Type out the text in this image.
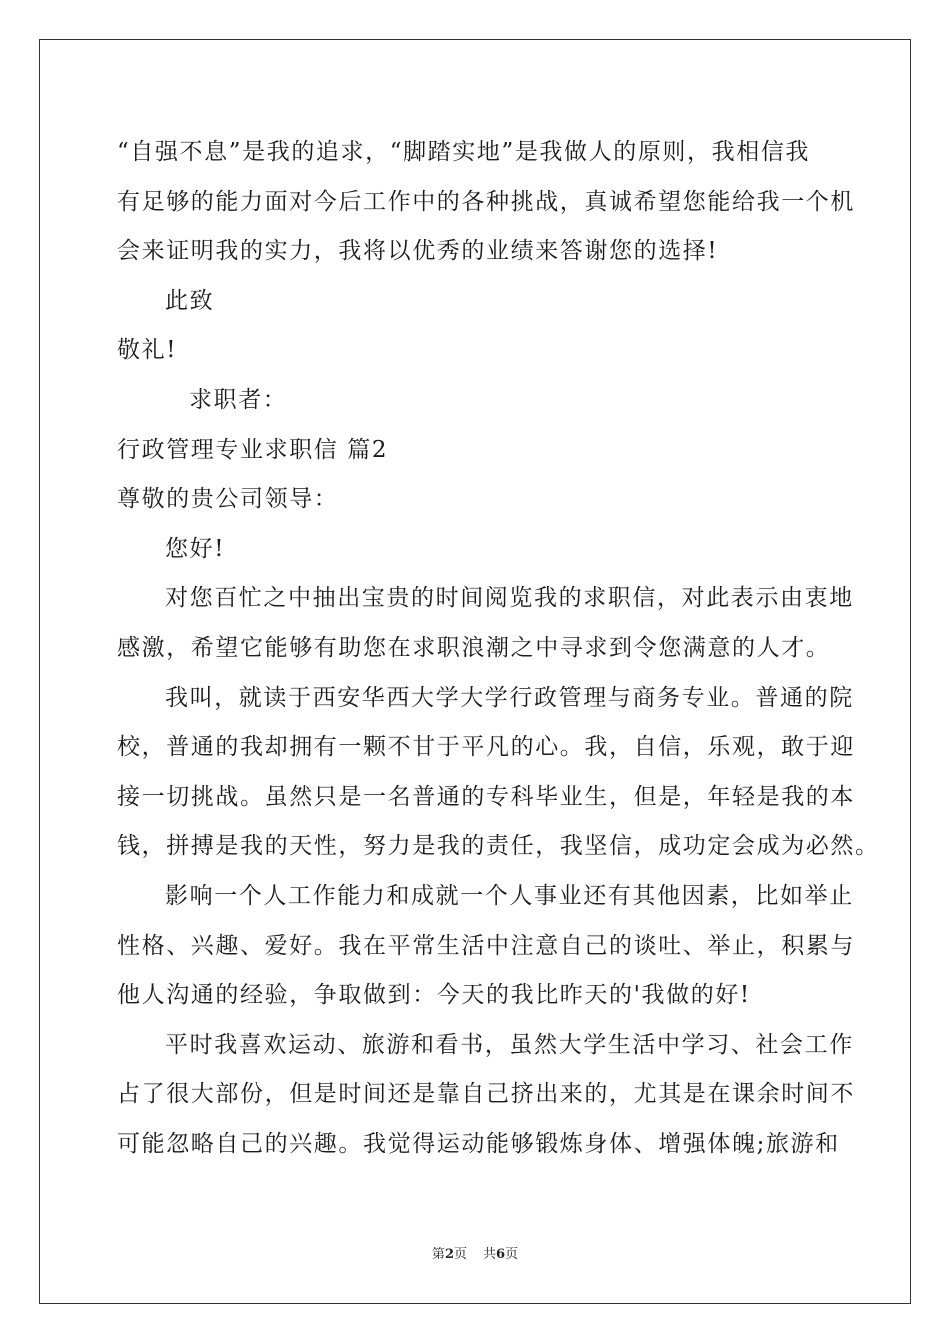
“自强不息”是我的追求，“脚踏实地”是我做人的原则，我相信我
有足够的能力面对今后工作中的各种挑战，真诚希望您能给我一个机
会来证明我的实力，我将以优秀的业绩来答谢您的选择!
此致
敬礼!
求职者：
行政管理专业求职信 篇2
尊敬的贵公司领导：
您好!
对您百忙之中抽出宝贵的时间阅览我的求职信，对此表示由衷地
感激，希望它能够有助您在求职浪潮之中寻求到令您满意的人才。
我叫，就读于西安华西大学大学行政管理与商务专业。普通的院
校，普通的我却拥有一颗不甘于平凡的心。我，自信，乐观，敢于迎
接一切挑战。虽然只是一名普通的专科毕业生，但是，年轻是我的本
钱，拼搏是我的天性，努力是我的责任，我坚信，成功定会成为必然。
影响一个人工作能力和成就一个人事业还有其他因素，比如举止
性格、兴趣、爱好。我在平常生活中注意自己的谈吐、举止，积累与
他人沟通的经验，争取做到：今天的我比昨天的'我做的好!
平时我喜欢运动、旅游和看书，虽然大学生活中学习、社会工作
占了很大部份，但是时间还是靠自己挤出来的，尤其是在课余时间不
可能忽略自己的兴趣。我觉得运动能够锻炼身体、增强体魄;旅游和
第2页 共6页
